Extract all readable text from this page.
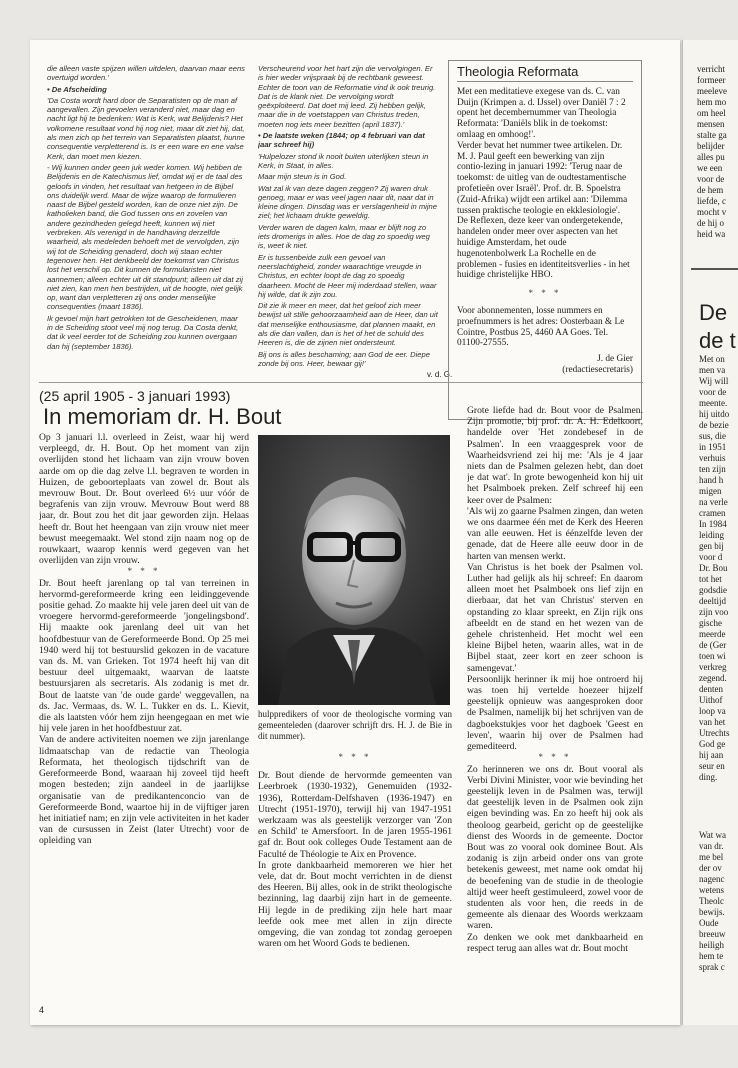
die alleen vaste spijzen willen uitdelen, daarvan maar eens overtuigd worden.'

• De Afscheiding

'Da Costa wordt hard door de Separatisten op de man af aangevallen. Zijn gevoelen veranderd niet, maar dag en nacht ligt hij te bedenken: Wat is Kerk, wat Belijdenis? Het volkomene resultaat vond hij nog niet, maar dit ziet hij, dat, als men zich op het terrein van Separatisten plaatst, hunne consequentie verpletterend is. Is er een ware en ene valse Kerk, dan moet men kiezen.

- Wij kunnen onder geen juk weder komen. Wij hebben de Belijdenis en de Katechismus lief, omdat wij er de taal des geloofs in vinden, het resultaat van hetgeen in de Bijbel ons duidelijk werd. Maar de wijze waarop de formulieren naast de Bijbel gesteld worden, kan de onze niet zijn. De katholieken band, die God tussen ons en zovelen van andere gezindheden gelegd heeft, kunnen wij niet verbreken. Als verenigd in de handhaving derzelfde waarheid, als medeleden behoeft met de vervolgden, zijn wij tot de Scheiding genaderd, doch wij staan echter tegenover hen. Het denkbeeld der toekomst van Christus lost het verschil op. Dit kunnen de formularisten niet aannemen; alleen echter uit dit standpunt; alleen uit dat zij niet zien, kan men hen bestrijden, uit de hoogte, niet gelijk op, want dan verpletteren zij ons onder menselijke consequenties (maart 1836).

Ik gevoel mijn hart getrokken tot de Gescheidenen, maar in de Scheiding stoot veel mij nog terug. Da Costa denkt, dat ik veel eerder tot de Scheiding zou kunnen overgaan dan hij (september 1836).

Verscheurend voor het hart zijn die vervolgingen. Er is hier weder vrijspraak bij de rechtbank geweest. Echter de toon van de Reformatie vind ik ook treurig. Dat is de klank niet. De vervolging wordt geëxploiteerd. Dat doet mij leed. Zij hebben gelijk, maar die in de voetstappen van Christus treden, moeten nog iets meer bezitten (april 1837).'

• De laatste weken (1844; op 4 februari van dat jaar schreef hij)

'Hulpelozer stond ik nooit buiten uiterlijken steun in Kerk, in Staat, in alles.

Maar mijn steun is in God.

Wat zal ik van deze dagen zeggen? Zij waren druk genoeg, maar er was veel jagen naar dit, naar dat in kleine dingen. Dinsdag was er verslagenheid in mijne ziel; het lichaam drukte geweldig.

Verder waren de dagen kalm, maar er blijft nog zo iets dromerigs in alles. Hoe de dag zo spoedig weg is, weet ik niet.

Er is tussenbeide zulk een gevoel van neerslachtigheid, zonder waarachtige vreugde in Christus, en echter loopt de dag zo spoedig daarheen. Mocht de Heer mij inderdaad stellen, waar hij wilde, dat ik zijn zou.

Dit zie ik meer en meer, dat het geloof zich meer bewijst uit stille gehoorzaamheid aan de Heer, dan uit dat menselijke enthousiasme, dat plannen maakt, en als die dan vallen, dan is het of het de schuld des Heeren is, die de zijnen niet ondersteunt.

Bij ons is alles beschaming; aan God de eer. Diepe zonde bij ons. Heer, bewaar gij!'

v. d. G.
Theologia Reformata

Met een meditatieve exegese van ds. C. van Duijn (Krimpen a. d. IJssel) over Daniël 7 : 2 opent het decembernummer van Theologia Reformata: 'Daniëls blik in de toekomst: omlaag en omhoog!'.

Verder bevat het nummer twee artikelen. Dr. M. J. Paul geeft een bewerking van zijn contio-lezing in januari 1992: 'Terug naar de toekomst: de uitleg van de oudtestamentische profetieën over Israël'. Prof. dr. B. Spoelstra (Zuid-Afrika) wijdt een artikel aan: 'Dilemma tussen praktische teologie en ekklesiologie'.

De Reflexen, deze keer van ondergetekende, handelen onder meer over aspecten van het huidige Amsterdam, het oude hugenotenbolwerk La Rochelle en de problemen - fusies en identiteitsverlies - in het huidige christelijke HBO.

* * *
Voor abonnementen, losse nummers en proefnummers is het adres: Oosterbaan & Le Cointre, Postbus 25, 4460 AA Goes. Tel. 01100-27555.
J. de Gier
(redactiesecretaris)
(25 april 1905 - 3 januari 1993)
In memoriam dr. H. Bout

Op 3 januari l.l. overleed in Zeist, waar hij werd verpleegd, dr. H. Bout. Op het moment van zijn overlijden stond het lichaam van zijn vrouw boven aarde om op die dag zelve l.l. begraven te worden in Huizen, de geboorteplaats van zowel dr. Bout als mevrouw Bout. Dr. Bout overleed 6½ uur vóór de begrafenis van zijn vrouw. Mevrouw Bout werd 88 jaar, dr. Bout zou het dit jaar geworden zijn. Helaas heeft dr. Bout het heengaan van zijn vrouw niet meer bewust meegemaakt. Wel stond zijn naam nog op de rouwkaart, waarop kennis werd gegeven van het overlijden van zijn vrouw.

* * *

Dr. Bout heeft jarenlang op tal van terreinen in hervormd-gereformeerde kring een leidinggevende positie gehad. Zo maakte hij vele jaren deel uit van de vroegere hervormd-gereformeerde 'jongelingsbond'. Hij maakte ook jarenlang deel uit van het hoofdbestuur van de Gereformeerde Bond. Op 25 mei 1940 werd hij tot bestuurslid gekozen in de vacature van ds. M. van Grieken. Tot 1974 heeft hij van dit bestuur deel uitgemaakt, waarvan de laatste bestuursjaren als secretaris. Als zodanig is met dr. Bout de laatste van 'de oude garde' weggevallen, na ds. Jac. Vermaas, ds. W. L. Tukker en ds. L. Kievit, die als laatsten vóór hem zijn heengegaan en met wie hij vele jaren in het hoofdbestuur zat.

Van de andere activiteiten noemen we zijn jarenlange lidmaatschap van de redactie van Theologia Reformata, het theologisch tijdschrift van de Gereformeerde Bond, waaraan hij zoveel tijd heeft mogen besteden; zijn aandeel in de jaarlijkse organisatie van de predikantenconcio van de Gereformeerde Bond, waartoe hij in de vijftiger jaren het initiatief nam; en zijn vele activiteiten in het kader van de cursussen in Zeist (later Utrecht) voor de opleiding van

hulppredikers of voor de theologische vorming van gemeenteleden (daarover schrijft drs. H. J. de Bie in dit nummer).
* * *

Dr. Bout diende de hervormde gemeenten van Leerbroek (1930-1932), Genemuiden (1932-1936), Rotterdam-Delfshaven (1936-1947) en Utrecht (1951-1970), terwijl hij van 1947-1951 werkzaam was als geestelijk verzorger van 'Zon en Schild' te Amersfoort. In de jaren 1955-1961 gaf dr. Bout ook colleges Oude Testament aan de Faculté de Théologie te Aix en Provence.

In grote dankbaarheid memoreren we hier het vele, dat dr. Bout mocht verrichten in de dienst des Heeren. Bij alles, ook in de strikt theologische bezinning, lag daarbij zijn hart in de gemeente. Hij legde in de prediking zijn hele hart maar leefde ook mee met allen in zijn directe omgeving, die van zondag tot zondag geroepen waren om het Woord Gods te bedienen.

Grote liefde had dr. Bout voor de Psalmen. Zijn promotie, bij prof. dr. A. H. Edelkoort, handelde over 'Het zondebesef in de Psalmen'. In een vraaggesprek voor de Waarheidsvriend zei hij me: 'Als je 4 jaar niets dan de Psalmen gelezen hebt, dan doet je dat wat'. In grote bewogenheid kon hij uit het Psalmboek preken. Zelf schreef hij een keer over de Psalmen:

'Als wij zo gaarne Psalmen zingen, dan weten we ons daarmee één met de Kerk des Heeren van alle eeuwen. Het is éénzelfde leven der genade, dat de Heere alle eeuw door in de harten van mensen werkt.

Van Christus is het boek der Psalmen vol. Luther had gelijk als hij schreef: En daarom alleen moet het Psalmboek ons lief zijn en dierbaar, dat het van Christus' sterven en opstanding zo klaar spreekt, en Zijn rijk ons afbeeldt en de stand en het wezen van de gehele christenheid. Het mocht wel een kleine Bijbel heten, waarin alles, wat in de Bijbel staat, zeer kort en zeer schoon is samengevat.'

Persoonlijk herinner ik mij hoe ontroerd hij was toen hij vertelde hoezeer hijzelf geestelijk opnieuw was aangesproken door de Psalmen, namelijk bij het schrijven van de dagboekstukjes voor het dagboek 'Geest en leven', waarin hij over de Psalmen had gemediteerd.

* * *

Zo herinneren we ons dr. Bout vooral als Verbi Divini Minister, voor wie bevinding het geestelijk leven in de Psalmen was, terwijl dat geestelijk leven in de Psalmen ook zijn eigen bevinding was. En zo heeft hij ook als theoloog gearbeid, gericht op de geestelijke dienst des Woords in de gemeente. Doctor Bout was zo vooral ook dominee Bout. Als zodanig is zijn arbeid onder ons van grote betekenis geweest, met name ook omdat hij de beoefening van de studie in de theologie altijd weer heeft gestimuleerd, zowel voor de studenten als voor hen, die reeds in de gemeente als dienaar des Woords werkzaam waren.

Zo denken we ook met dankbaarheid en respect terug aan alles wat dr. Bout mocht

4
verricht
formeer
meeleve
hem mo
om heel
mensen
stalte ga
belijder
alles pu
we een
voor de
de hem
liefde, c
mocht v
de hij o
heid wa
De
de t
Met on
men va
Wij will
voor de
meente.
hij uitdo
de bezie
sus, die
in 1951
verhuis
ten zijn
hand h
migen
na verle
cramen
In 1984
leiding
gen bij
voor d
Dr. Bou
tot het
godsdie
deeltijd
zijn voo
gische
meerde
de (Ger
toen wi
verkreg
zegend.
denten
Uithof
loop va
van het
Utrechts
God ge
hij aan
seur en
ding.
Wat wa
van dr.
me bel
der ov
nagenc
wetens
Theolc
bewijs.
Oude
breeuw
heiligh
hem te
sprak c
